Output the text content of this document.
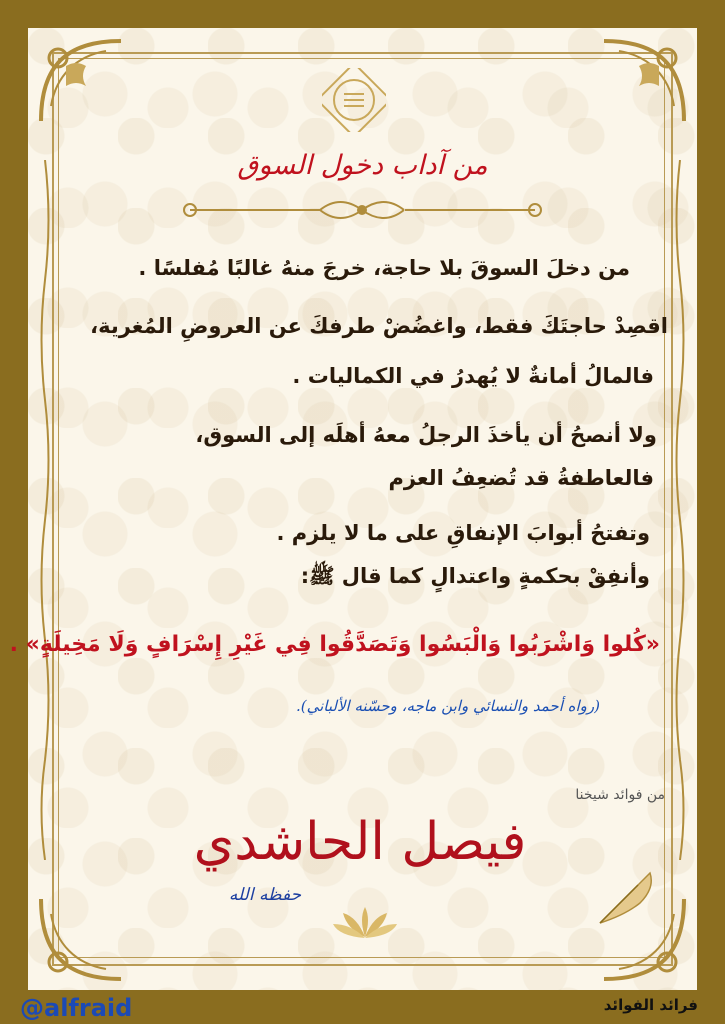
من آداب دخول السوق
من دخلَ السوقَ بلا حاجة، خرجَ منهُ غالبًا مُفلسًا .
اقصِدْ حاجتَكَ فقط، واغضُضْ طرفكَ عن العروضِ المُغرية،
فالمالُ أمانةٌ لا يُهدرُ في الكماليات .
ولا أنصحُ أن يأخذَ الرجلُ معهُ أهلَه إلى السوق،
فالعاطفةُ قد تُضعِفُ العزم
وتفتحُ أبوابَ الإنفاقِ على ما لا يلزم .
وأنفِقْ بحكمةٍ واعتدالٍ كما قال ﷺ:
«كُلوا وَاشْرَبُوا وَالْبَسُوا وَتَصَدَّقُوا فِي غَيْرِ إِسْرَافٍ وَلَا مَخِيلَةٍ» .
(رواه أحمد والنسائي وابن ماجه، وحسّنه الألباني).
من فوائد شيخنا
فيصل الحاشدي
حفظه الله
@alfraid	فرائد الفوائد
